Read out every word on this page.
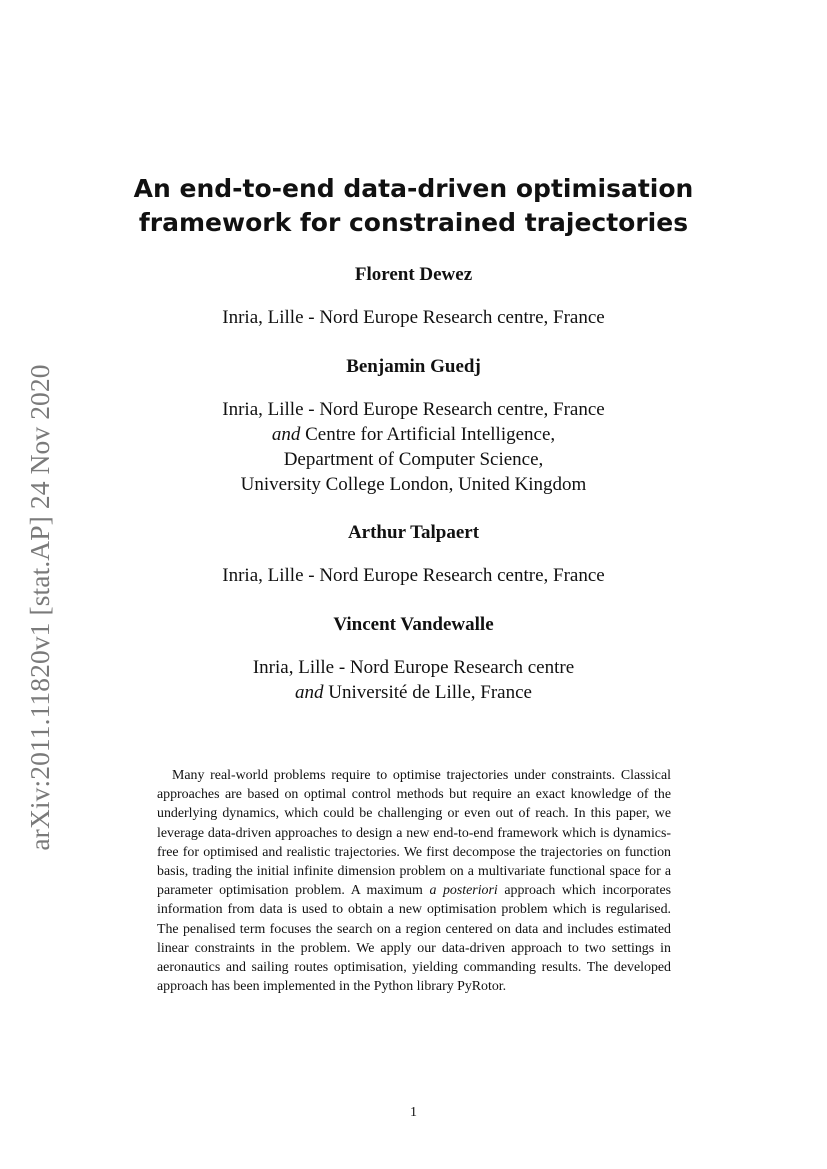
arXiv:2011.11820v1 [stat.AP] 24 Nov 2020
An end-to-end data-driven optimisation
framework for constrained trajectories
Florent Dewez
Inria, Lille - Nord Europe Research centre, France
Benjamin Guedj
Inria, Lille - Nord Europe Research centre, France
and Centre for Artificial Intelligence,
Department of Computer Science,
University College London, United Kingdom
Arthur Talpaert
Inria, Lille - Nord Europe Research centre, France
Vincent Vandewalle
Inria, Lille - Nord Europe Research centre
and Université de Lille, France
Many real-world problems require to optimise trajectories under constraints. Classical approaches are based on optimal control methods but require an exact knowledge of the underlying dynamics, which could be challenging or even out of reach. In this paper, we leverage data-driven approaches to design a new end-to-end framework which is dynamics-free for optimised and realistic trajectories. We first decompose the trajectories on function basis, trading the initial infinite dimension problem on a multivariate functional space for a parameter optimisation problem. A maximum a posteriori approach which incorporates information from data is used to obtain a new optimisation problem which is regularised. The penalised term focuses the search on a region centered on data and includes estimated linear constraints in the problem. We apply our data-driven approach to two settings in aeronautics and sailing routes optimisation, yielding commanding results. The developed approach has been implemented in the Python library PyRotor.
1
